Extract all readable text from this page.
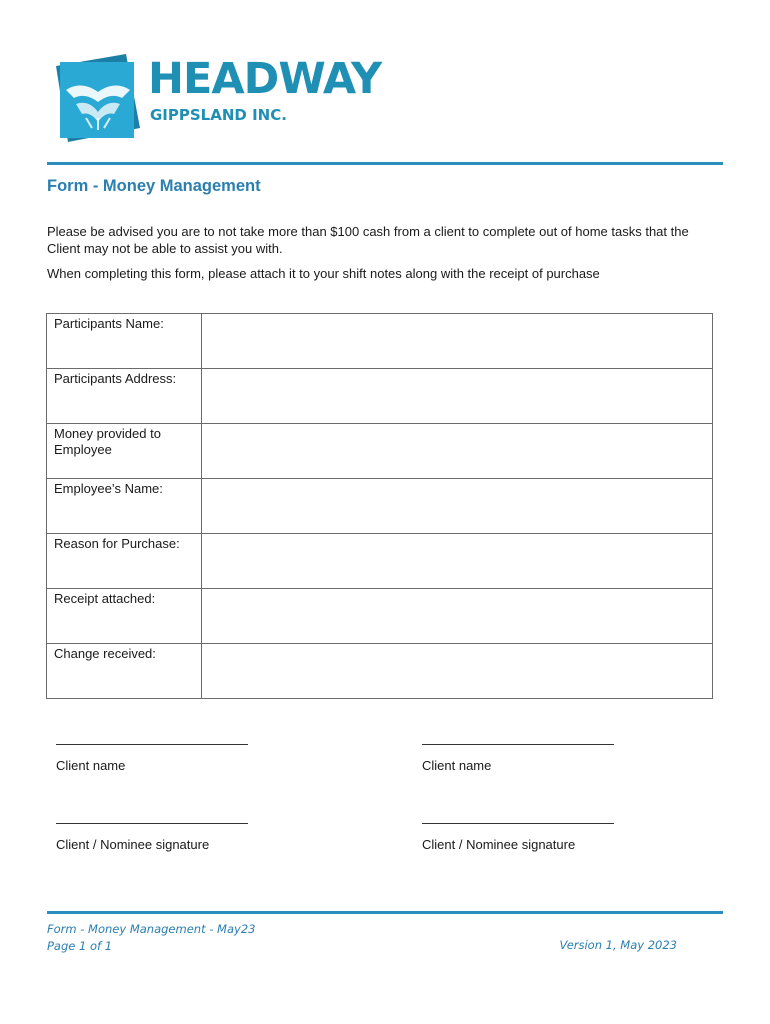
HEADWAY
GIPPSLAND INC.
Form - Money Management
Please be advised you are to not take more than $100 cash from a client to complete out of home tasks that the Client may not be able to assist you with.
When completing this form, please attach it to your shift notes along with the receipt of purchase
Participants Name:	
Participants Address:	
Money provided to Employee	
Employee’s Name:	
Reason for Purchase:	
Receipt attached:	
Change received:	
Client name	Client name
Client / Nominee signature	Client / Nominee signature
Form - Money Management - May23
Page 1 of 1	Version 1, May 2023
